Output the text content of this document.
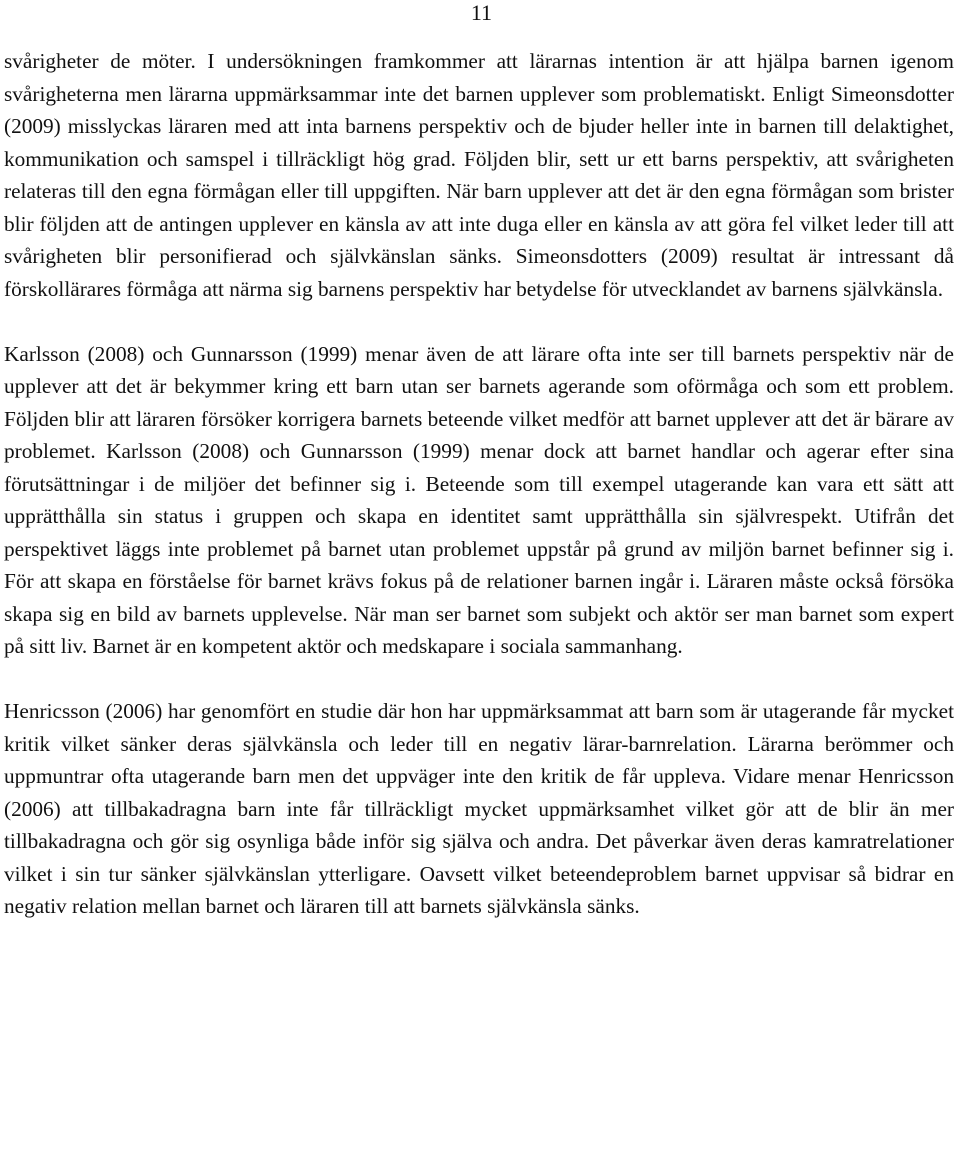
11

svårigheter de möter. I undersökningen framkommer att lärarnas intention är att hjälpa barnen igenom svårigheterna men lärarna uppmärksammar inte det barnen upplever som problematiskt. Enligt Simeonsdotter (2009) misslyckas läraren med att inta barnens perspektiv och de bjuder heller inte in barnen till delaktighet, kommunikation och samspel i tillräckligt hög grad. Följden blir, sett ur ett barns perspektiv, att svårigheten relateras till den egna förmågan eller till uppgiften. När barn upplever att det är den egna förmågan som brister blir följden att de antingen upplever en känsla av att inte duga eller en känsla av att göra fel vilket leder till att svårigheten blir personifierad och självkänslan sänks. Simeonsdotters (2009) resultat är intressant då förskollärares förmåga att närma sig barnens perspektiv har betydelse för utvecklandet av barnens självkänsla.

Karlsson (2008) och Gunnarsson (1999) menar även de att lärare ofta inte ser till barnets perspektiv när de upplever att det är bekymmer kring ett barn utan ser barnets agerande som oförmåga och som ett problem. Följden blir att läraren försöker korrigera barnets beteende vilket medför att barnet upplever att det är bärare av problemet. Karlsson (2008) och Gunnarsson (1999) menar dock att barnet handlar och agerar efter sina förutsättningar i de miljöer det befinner sig i. Beteende som till exempel utagerande kan vara ett sätt att upprätthålla sin status i gruppen och skapa en identitet samt upprätthålla sin självrespekt. Utifrån det perspektivet läggs inte problemet på barnet utan problemet uppstår på grund av miljön barnet befinner sig i. För att skapa en förståelse för barnet krävs fokus på de relationer barnen ingår i. Läraren måste också försöka skapa sig en bild av barnets upplevelse. När man ser barnet som subjekt och aktör ser man barnet som expert på sitt liv. Barnet är en kompetent aktör och medskapare i sociala sammanhang.

Henricsson (2006) har genomfört en studie där hon har uppmärksammat att barn som är utagerande får mycket kritik vilket sänker deras självkänsla och leder till en negativ lärar-barnrelation. Lärarna berömmer och uppmuntrar ofta utagerande barn men det uppväger inte den kritik de får uppleva. Vidare menar Henricsson (2006) att tillbakadragna barn inte får tillräckligt mycket uppmärksamhet vilket gör att de blir än mer tillbakadragna och gör sig osynliga både inför sig själva och andra. Det påverkar även deras kamratrelationer vilket i sin tur sänker självkänslan ytterligare. Oavsett vilket beteendeproblem barnet uppvisar så bidrar en negativ relation mellan barnet och läraren till att barnets självkänsla sänks.
